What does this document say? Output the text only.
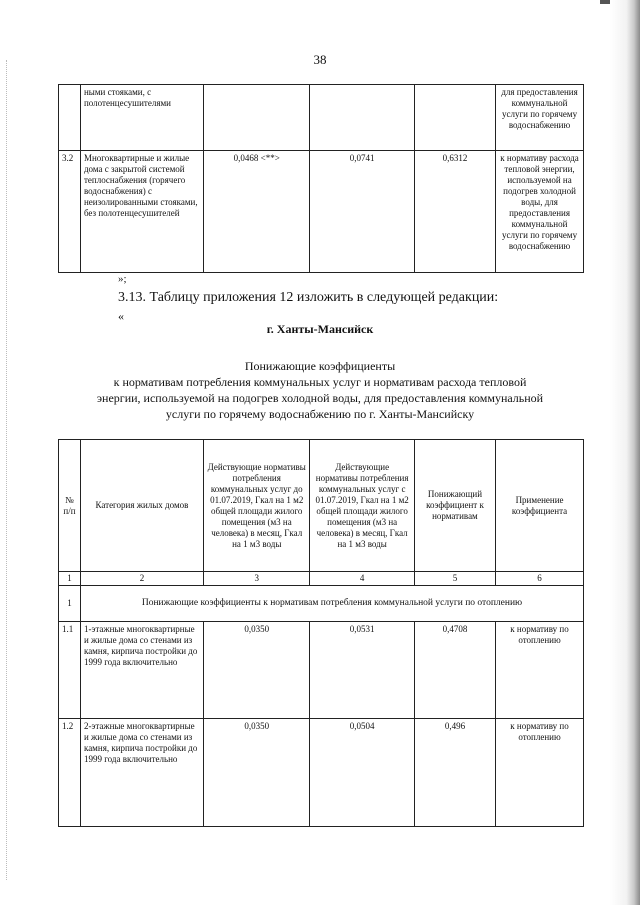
38
	ными стояками, с полотенцесушителями				для предоставления коммунальной услуги по горячему водоснабжению
3.2	Многоквартирные и жилые дома с закрытой системой теплоснабжения (горячего водоснабжения) с неизолированными стояками, без полотенцесушителей	0,0468 <**>	0,0741	0,6312	к нормативу расхода тепловой энергии, используемой на подогрев холодной воды, для предоставления коммунальной услуги по горячему водоснабжению
»;
3.13. Таблицу приложения 12 изложить в следующей редакции:
«
г. Ханты-Мансийск
Понижающие коэффициенты
к нормативам потребления коммунальных услуг и нормативам расхода тепловой
энергии, используемой на подогрев холодной воды, для предоставления коммунальной
услуги по горячему водоснабжению по г. Ханты-Мансийску
№ п/п	Категория жилых домов	Действующие нормативы потребления коммунальных услуг до 01.07.2019, Гкал на 1 м2 общей площади жилого помещения (м3 на человека) в месяц, Гкал на 1 м3 воды	Действующие нормативы потребления коммунальных услуг с 01.07.2019, Гкал на 1 м2 общей площади жилого помещения (м3 на человека) в месяц, Гкал на 1 м3 воды	Понижающий коэффициент к нормативам	Применение коэффициента
1	2	3	4	5	6
1	Понижающие коэффициенты к нормативам потребления коммунальной услуги по отоплению				
1.1	1-этажные многоквартирные и жилые дома со стенами из камня, кирпича постройки до 1999 года включительно	0,0350	0,0531	0,4708	к нормативу по отоплению
1.2	2-этажные многоквартирные и жилые дома со стенами из камня, кирпича постройки до 1999 года включительно	0,0350	0,0504	0,496	к нормативу по отоплению
